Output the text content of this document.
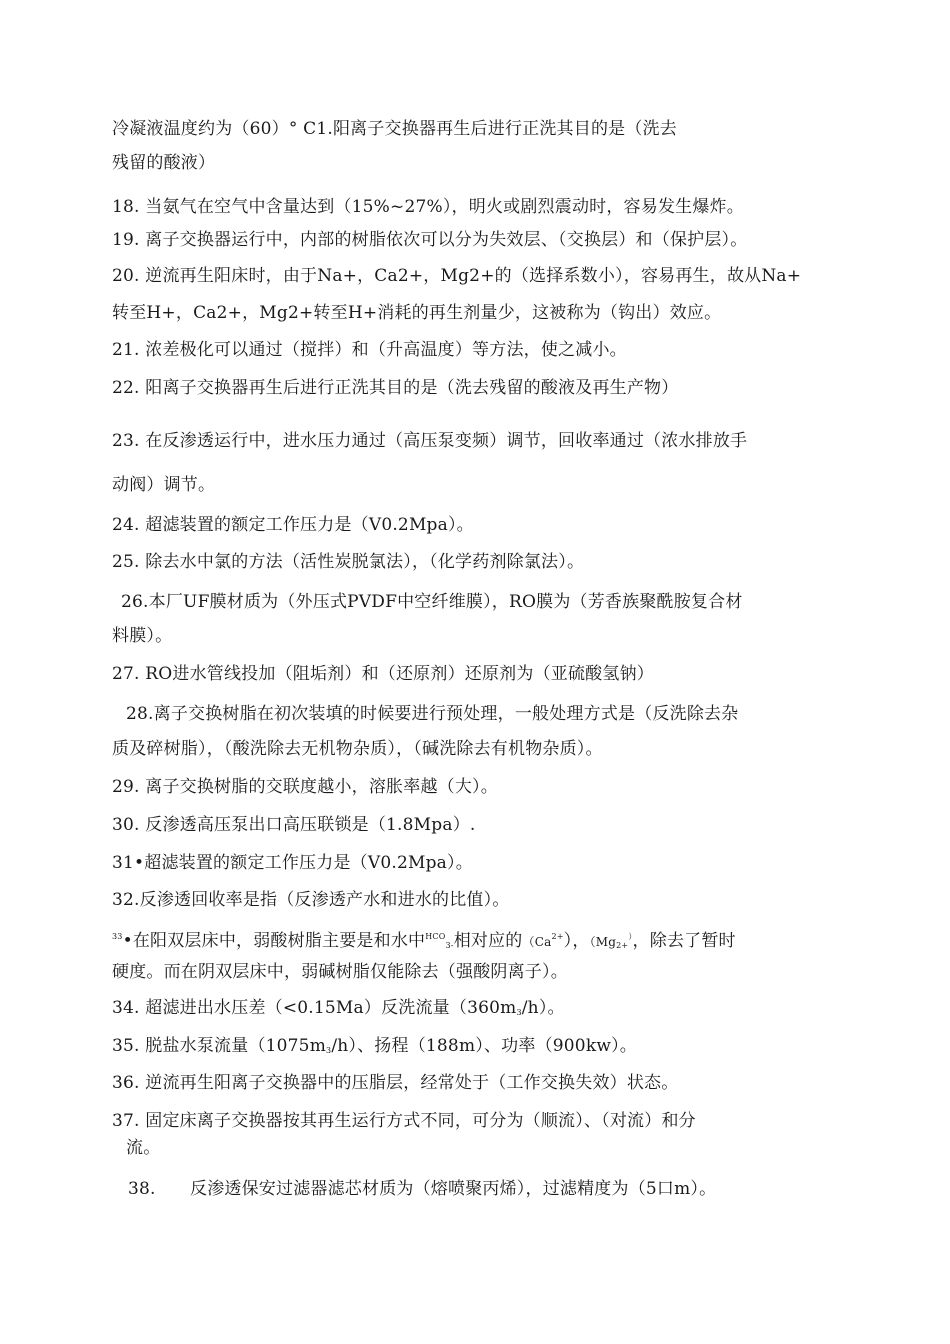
冷凝液温度约为（60）° C1.阳离子交换器再生后进行正洗其目的是（洗去
残留的酸液）
18. 当氨气在空气中含量达到（15%~27%），明火或剧烈震动时，容易发生爆炸。
19. 离子交换器运行中，内部的树脂依次可以分为失效层、（交换层）和（保护层）。
20. 逆流再生阳床时，由于Na+，Ca2+，Mg2+的（选择系数小），容易再生，故从Na+
转至H+，Ca2+，Mg2+转至H+消耗的再生剂量少，这被称为（钩出）效应。
21. 浓差极化可以通过（搅拌）和（升高温度）等方法，使之减小。
22. 阳离子交换器再生后进行正洗其目的是（洗去残留的酸液及再生产物）
23. 在反渗透运行中，进水压力通过（高压泵变频）调节，回收率通过（浓水排放手
动阀）调节。
24. 超滤装置的额定工作压力是（V0.2Mpa）。
25. 除去水中氯的方法（活性炭脱氯法），（化学药剂除氯法）。
26.本厂UF膜材质为（外压式PVDF中空纤维膜），RO膜为（芳香族聚酰胺复合材
料膜）。
27. RO进水管线投加（阻垢剂）和（还原剂）还原剂为（亚硫酸氢钠）
28.离子交换树脂在初次装填的时候要进行预处理，一般处理方式是（反洗除去杂
质及碎树脂），（酸洗除去无机物杂质），（碱洗除去有机物杂质）。
29. 离子交换树脂的交联度越小，溶胀率越（大）。
30. 反渗透高压泵出口高压联锁是（1.8Mpa）.
31•超滤装置的额定工作压力是（V0.2Mpa）。
32.反渗透回收率是指（反渗透产水和进水的比值）。
$^{33}$•在阳双层床中，弱酸树脂主要是和水中$^{HCO}_{3-}$相对应的$(Ca^{2+})$，（$Mg_{2+}^)$，除去了暂时
硬度。而在阴双层床中，弱碱树脂仅能除去（强酸阴离子）。
34. 超滤进出水压差（<0.15Ma）反洗流量$(360m_3/h)$。
35. 脱盐水泵流量$(1075m_3/h)$、扬程（188m）、功率（900kw）。
36. 逆流再生阳离子交换器中的压脂层，经常处于（工作交换失效）状态。
37. 固定床离子交换器按其再生运行方式不同，可分为（顺流）、（对流）和分
流。
38. 反渗透保安过滤器滤芯材质为（熔喷聚丙烯），过滤精度为（5口m）。
